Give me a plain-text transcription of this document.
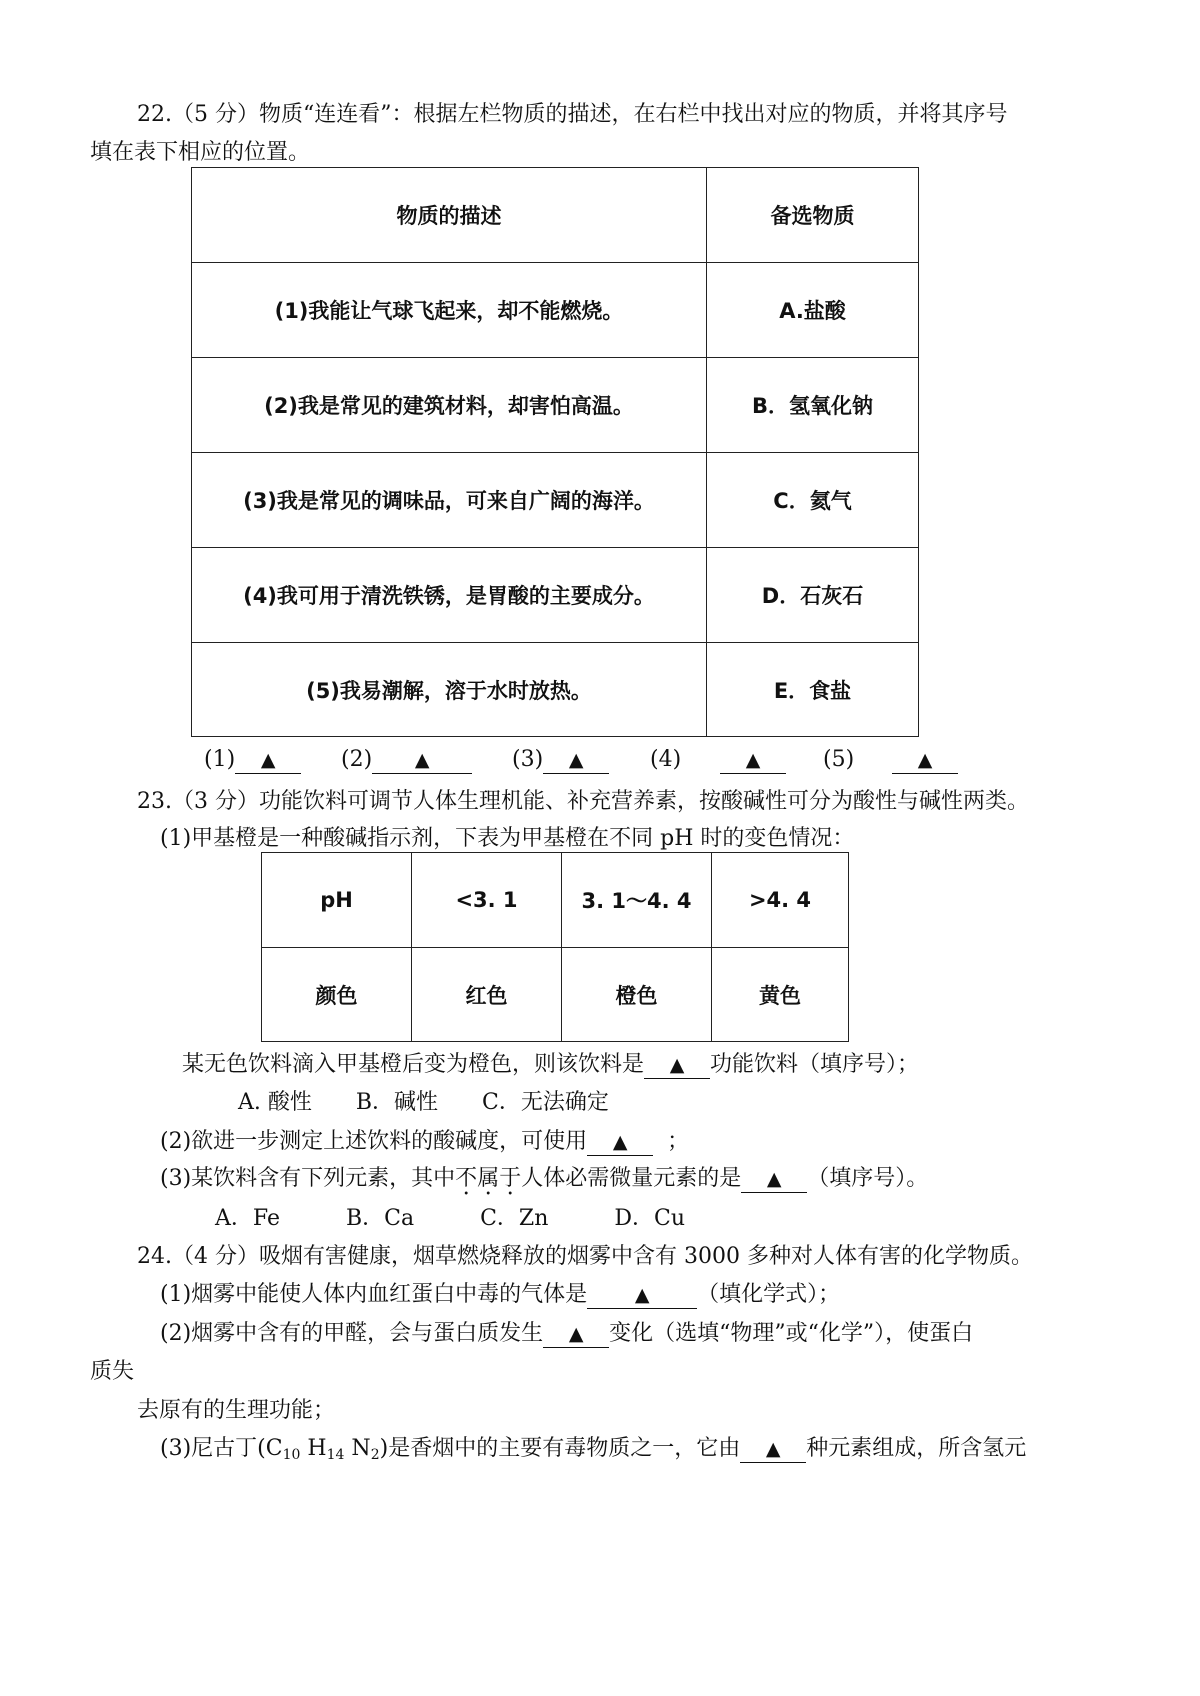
22.（5 分）物质“连连看”：根据左栏物质的描述，在右栏中找出对应的物质，并将其序号
填在表下相应的位置。
物质的描述	备选物质
(1)我能让气球飞起来，却不能燃烧。	A.盐酸
(2)我是常见的建筑材料，却害怕高温。	B．氢氧化钠
(3)我是常见的调味品，可来自广阔的海洋。	C．氦气
(4)我可用于清洗铁锈，是胃酸的主要成分。	D．石灰石
(5)我易潮解，溶于水时放热。	E．食盐
(1) ▲	(2) ▲	(3) ▲	(4)	▲	(5)	▲
23.（3 分）功能饮料可调节人体生理机能、补充营养素，按酸碱性可分为酸性与碱性两类。
(1)甲基橙是一种酸碱指示剂，下表为甲基橙在不同 pH 时的变色情况：
pH	<3. 1	3. 1～4. 4	>4. 4
颜色	红色	橙色	黄色
某无色饮料滴入甲基橙后变为橙色，则该饮料是 ▲ 功能饮料（填序号）；
A. 酸性　　B．碱性　　C．无法确定
(2)欲进一步测定上述饮料的酸碱度，可使用 ▲ ；
(3)某饮料含有下列元素，其中不属于人体必需微量元素的是 ▲ （填序号）。
A．Fe　　　B．Ca　　　C．Zn　　　D．Cu
24.（4 分）吸烟有害健康，烟草燃烧释放的烟雾中含有 3000 多种对人体有害的化学物质。
(1)烟雾中能使人体内血红蛋白中毒的气体是	▲ （填化学式）；
(2)烟雾中含有的甲醛，会与蛋白质发生 ▲ 变化（选填“物理”或“化学”），使蛋白
质失
去原有的生理功能；
(3)尼古丁($C_{10}$ $H_{14}$ $N_2$)是香烟中的主要有毒物质之一，它由 ▲ 种元素组成，所含氢元
